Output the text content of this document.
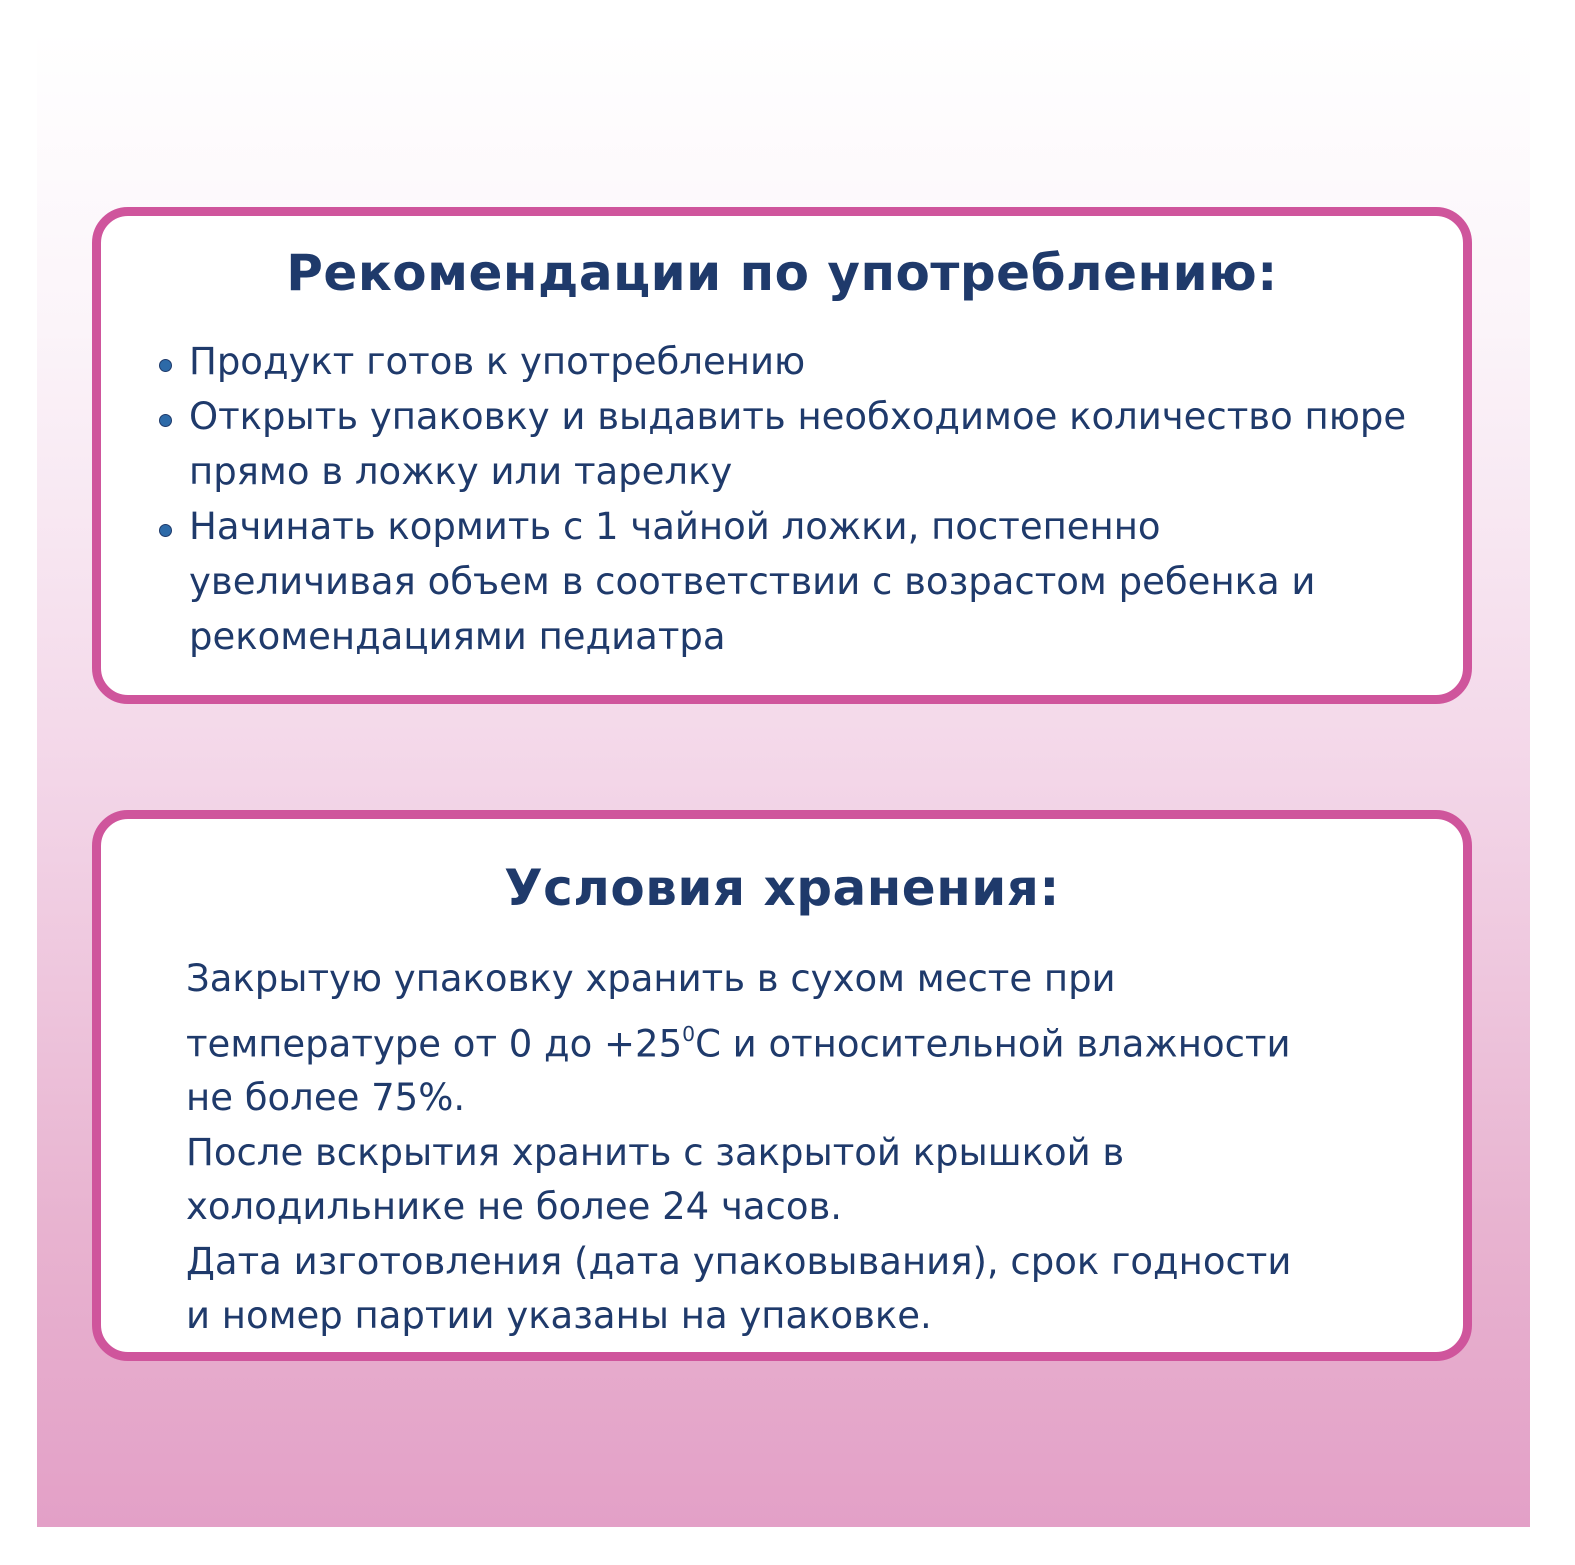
Рекомендации по употреблению:
Продукт готов к употреблению
Открыть упаковку и выдавить необходимое количество пюре
прямо в ложку или тарелку
Начинать кормить с 1 чайной ложки, постепенно
увеличивая объем в соответствии с возрастом ребенка и
рекомендациями педиатра
Условия хранения:
Закрытую упаковку хранить в сухом месте при
температуре от 0 до $+25^0С$ и относительной влажности
не более 75%.
После вскрытия хранить с закрытой крышкой в
холодильнике не более 24 часов.
Дата изготовления (дата упаковывания), срок годности
и номер партии указаны на упаковке.
